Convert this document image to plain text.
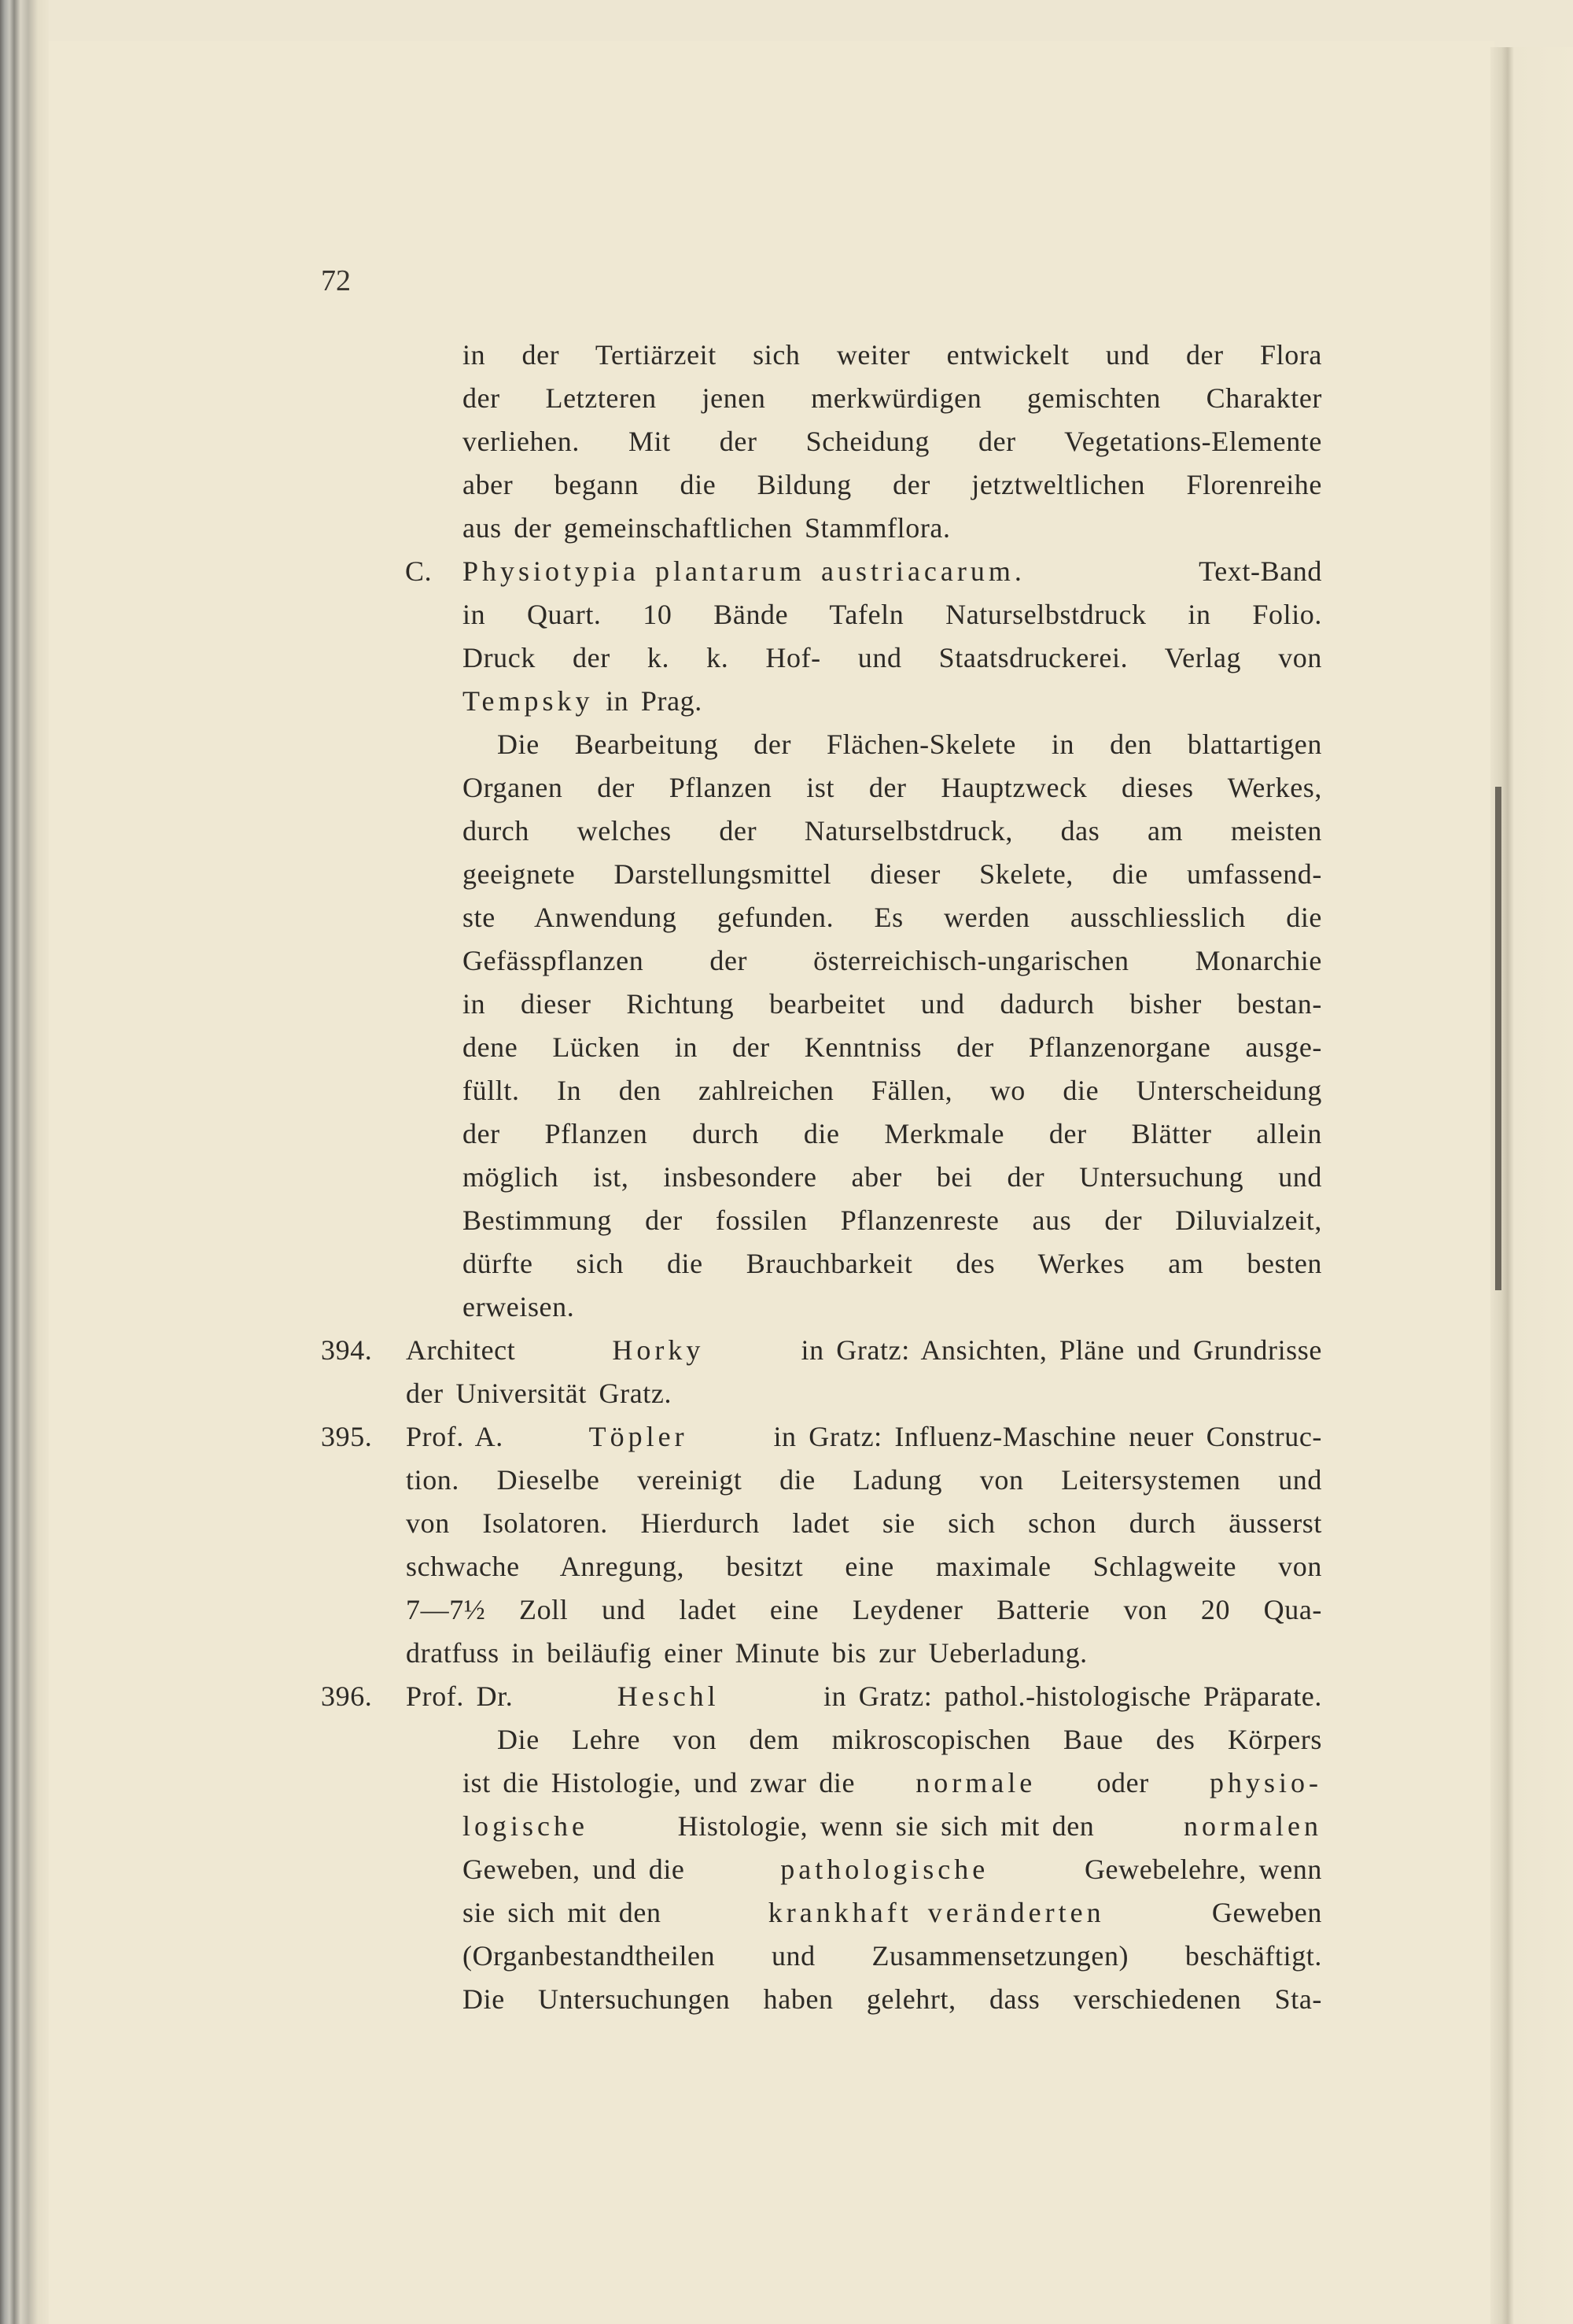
72
in der Tertiärzeit sich weiter entwickelt und der Flora
der Letzteren jenen merkwürdigen gemischten Charakter
verliehen. Mit der Scheidung der Vegetations-Elemente
aber begann die Bildung der jetztweltlichen Florenreihe
aus der gemeinschaftlichen Stammflora.
C. Physiotypia plantarum austriacarum.	Text-Band
in Quart. 10 Bände Tafeln Naturselbstdruck in Folio.
Druck der k. k. Hof- und Staatsdruckerei. Verlag von
Tempsky in Prag.
Die Bearbeitung der Flächen-Skelete in den blattartigen
Organen der Pflanzen ist der Hauptzweck dieses Werkes,
durch welches der Naturselbstdruck, das am meisten
geeignete Darstellungsmittel dieser Skelete, die umfassend-
ste Anwendung gefunden. Es werden ausschliesslich die
Gefässpflanzen der österreichisch-ungarischen Monarchie
in dieser Richtung bearbeitet und dadurch bisher bestan-
dene Lücken in der Kenntniss der Pflanzenorgane ausge-
füllt. In den zahlreichen Fällen, wo die Unterscheidung
der Pflanzen durch die Merkmale der Blätter allein
möglich ist, insbesondere aber bei der Untersuchung und
Bestimmung der fossilen Pflanzenreste aus der Diluvialzeit,
dürfte sich die Brauchbarkeit des Werkes am besten
erweisen.
394. Architect	Horky	in Gratz: Ansichten, Pläne und Grundrisse
der Universität Gratz.
395. Prof. A.	Töpler	in Gratz: Influenz-Maschine neuer Construc-
tion. Dieselbe vereinigt die Ladung von Leitersystemen und
von Isolatoren. Hierdurch ladet sie sich schon durch äusserst
schwache Anregung, besitzt eine maximale Schlagweite von
7—7½ Zoll und ladet eine Leydener Batterie von 20 Qua-
dratfuss in beiläufig einer Minute bis zur Ueberladung.
396. Prof. Dr.	Heschl	in Gratz: pathol.-histologische Präparate.
Die Lehre von dem mikroscopischen Baue des Körpers
ist die Histologie, und zwar die normale oder physio-
logische	Histologie, wenn sie sich mit den	normalen
Geweben, und die	pathologische	Gewebelehre, wenn
sie sich mit den	krankhaft veränderten	Geweben
(Organbestandtheilen und Zusammensetzungen) beschäftigt.
Die Untersuchungen haben gelehrt, dass verschiedenen Sta-
